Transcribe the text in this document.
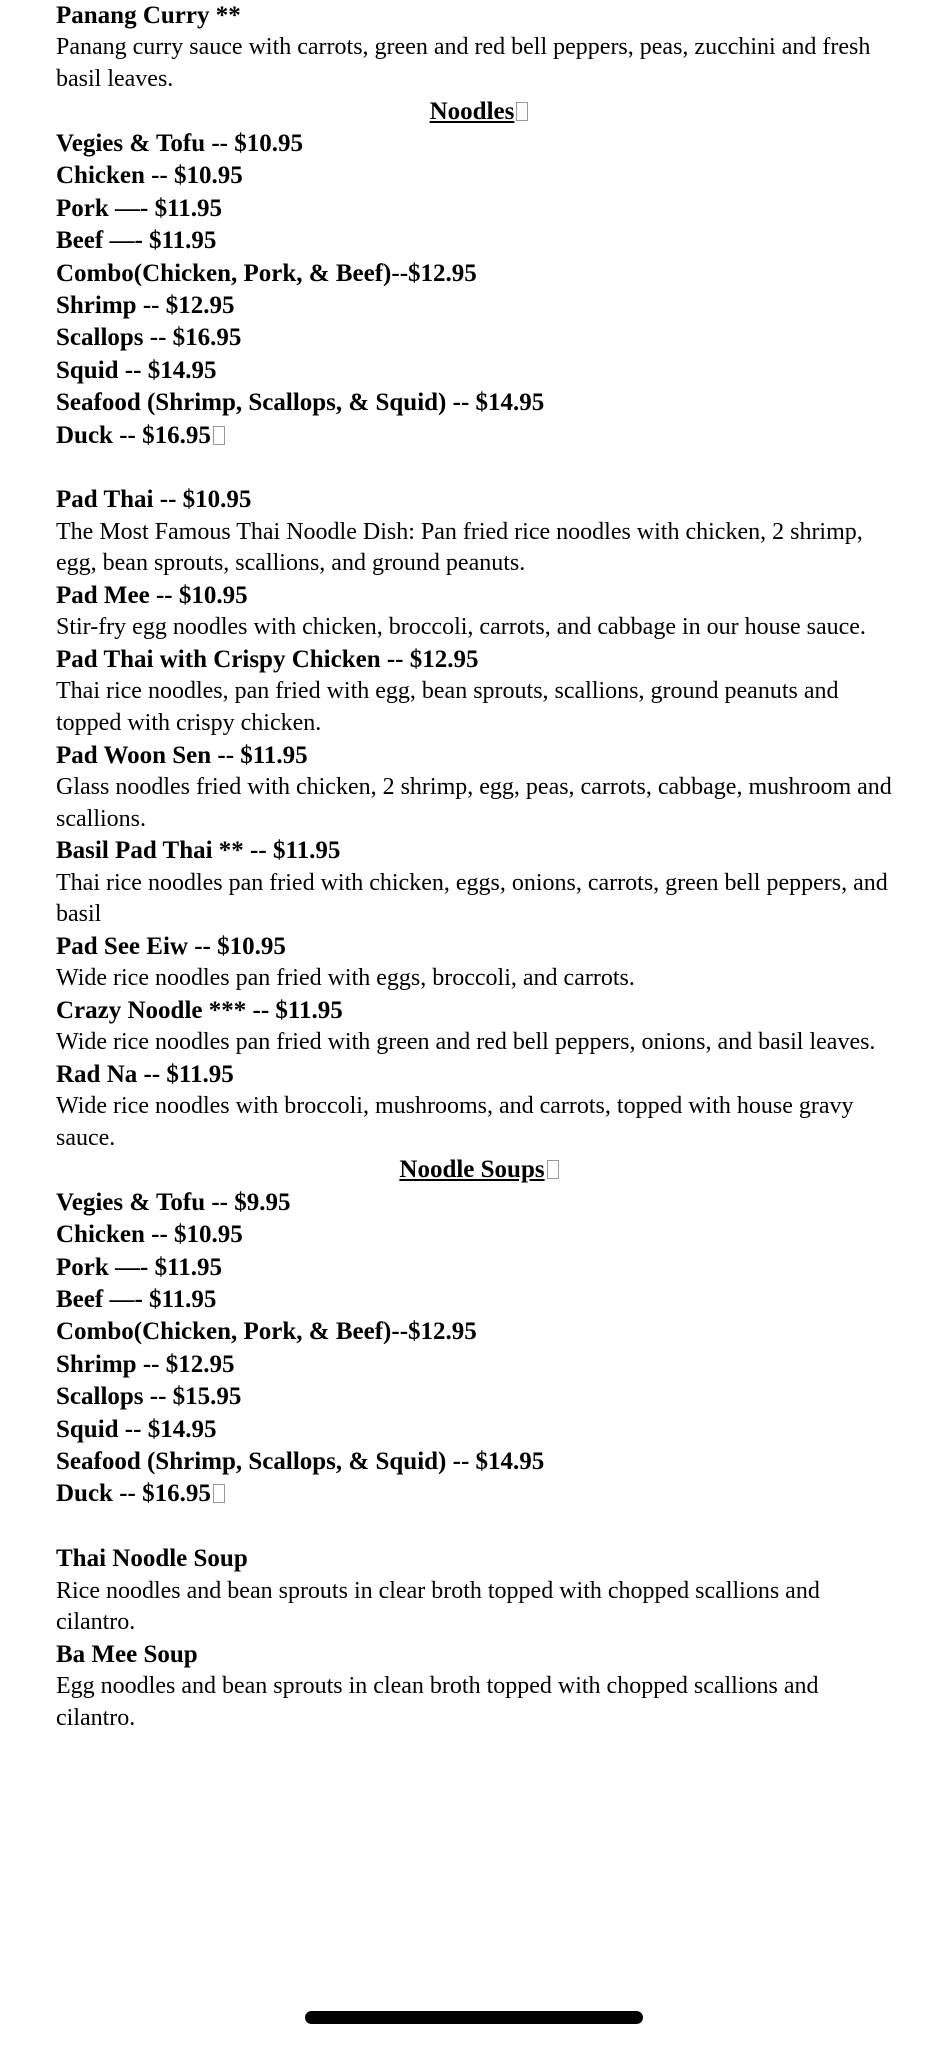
Panang Curry **
Panang curry sauce with carrots, green and red bell peppers, peas, zucchini and fresh basil leaves.
Noodles
Vegies & Tofu -- $10.95
Chicken -- $10.95
Pork —- $11.95
Beef —- $11.95
Combo(Chicken, Pork, & Beef)--$12.95
Shrimp -- $12.95
Scallops -- $16.95
Squid -- $14.95
Seafood (Shrimp, Scallops, & Squid) -- $14.95
Duck -- $16.95
Pad Thai -- $10.95
The Most Famous Thai Noodle Dish: Pan fried rice noodles with chicken, 2 shrimp, egg, bean sprouts, scallions, and ground peanuts.
Pad Mee -- $10.95
Stir-fry egg noodles with chicken, broccoli, carrots, and cabbage in our house sauce.
Pad Thai with Crispy Chicken -- $12.95
Thai rice noodles, pan fried with egg, bean sprouts, scallions, ground peanuts and topped with crispy chicken.
Pad Woon Sen -- $11.95
Glass noodles fried with chicken, 2 shrimp, egg, peas, carrots, cabbage, mushroom and scallions.
Basil Pad Thai ** -- $11.95
Thai rice noodles pan fried with chicken, eggs, onions, carrots, green bell peppers, and basil
Pad See Eiw -- $10.95
Wide rice noodles pan fried with eggs, broccoli, and carrots.
Crazy Noodle *** -- $11.95
Wide rice noodles pan fried with green and red bell peppers, onions, and basil leaves.
Rad Na -- $11.95
Wide rice noodles with broccoli, mushrooms, and carrots, topped with house gravy sauce.
Noodle Soups
Vegies & Tofu -- $9.95
Chicken -- $10.95
Pork —- $11.95
Beef —- $11.95
Combo(Chicken, Pork, & Beef)--$12.95
Shrimp -- $12.95
Scallops -- $15.95
Squid -- $14.95
Seafood (Shrimp, Scallops, & Squid) -- $14.95
Duck -- $16.95
Thai Noodle Soup
Rice noodles and bean sprouts in clear broth topped with chopped scallions and cilantro.
Ba Mee Soup
Egg noodles and bean sprouts in clean broth topped with chopped scallions and cilantro.
